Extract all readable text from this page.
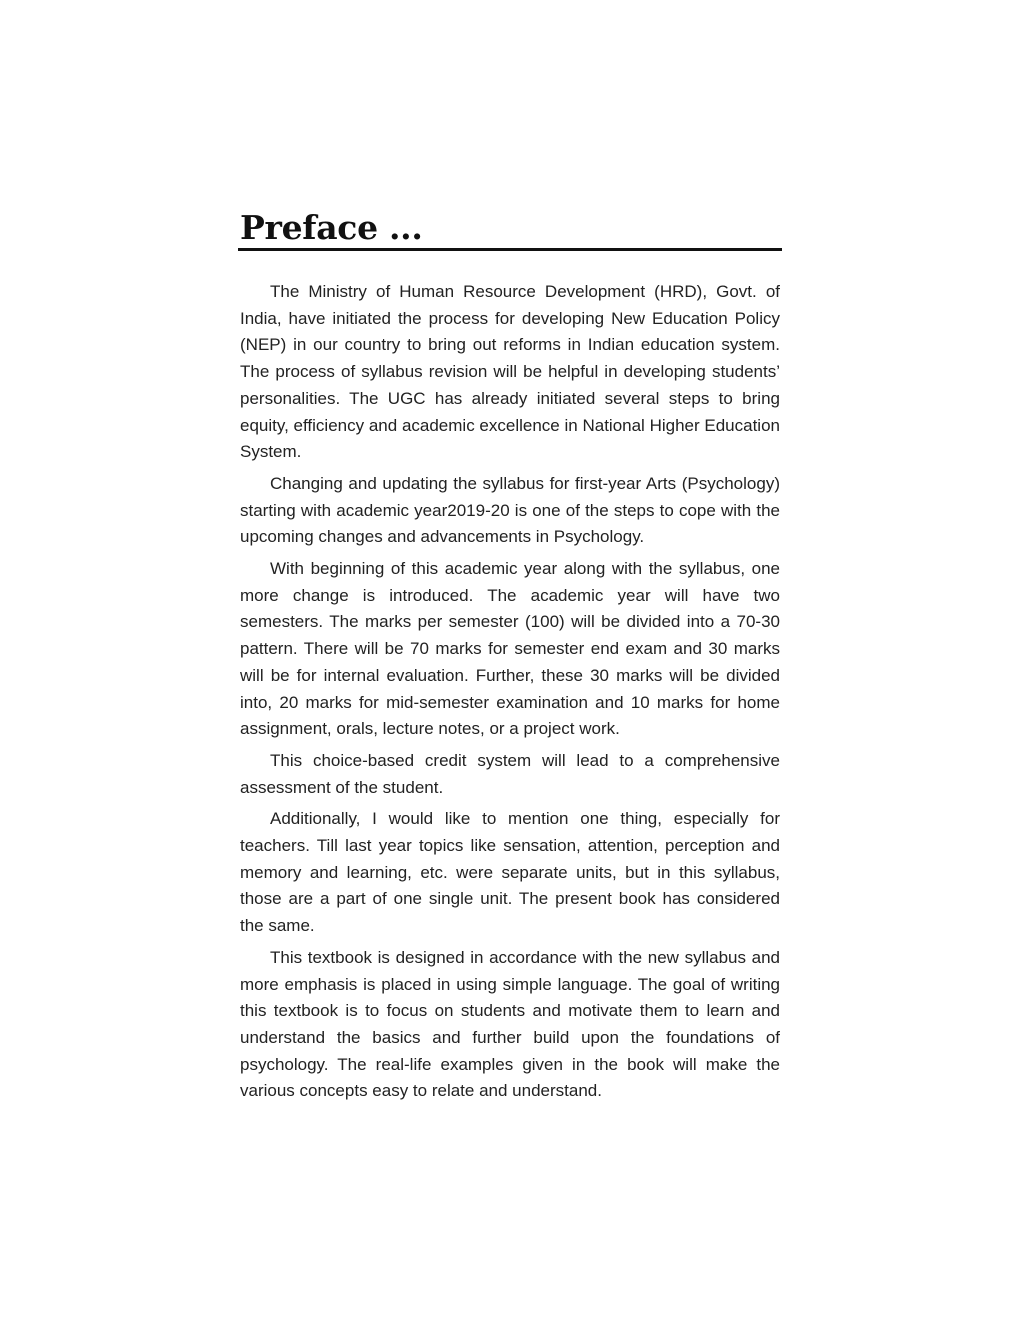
Preface ...

The Ministry of Human Resource Development (HRD), Govt. of India, have initiated the process for developing New Education Policy (NEP) in our country to bring out reforms in Indian education system. The process of syllabus revision will be helpful in developing students’ personalities. The UGC has already initiated several steps to bring equity, efficiency and academic excellence in National Higher Education System.

Changing and updating the syllabus for first-year Arts (Psychology) starting with academic year2019-20 is one of the steps to cope with the upcoming changes and advancements in Psychology.

With beginning of this academic year along with the syllabus, one more change is introduced. The academic year will have two semesters. The marks per semester (100) will be divided into a 70-30 pattern. There will be 70 marks for semester end exam and 30 marks will be for internal evaluation. Further, these 30 marks will be divided into, 20 marks for mid-semester examination and 10 marks for home assignment, orals, lecture notes, or a project work.

This choice-based credit system will lead to a comprehensive assessment of the student.

Additionally, I would like to mention one thing, especially for teachers. Till last year topics like sensation, attention, perception and memory and learning, etc. were separate units, but in this syllabus, those are a part of one single unit. The present book has considered the same.

This textbook is designed in accordance with the new syllabus and more emphasis is placed in using simple language. The goal of writing this textbook is to focus on students and motivate them to learn and understand the basics and further build upon the foundations of psychology. The real-life examples given in the book will make the various concepts easy to relate and understand.
